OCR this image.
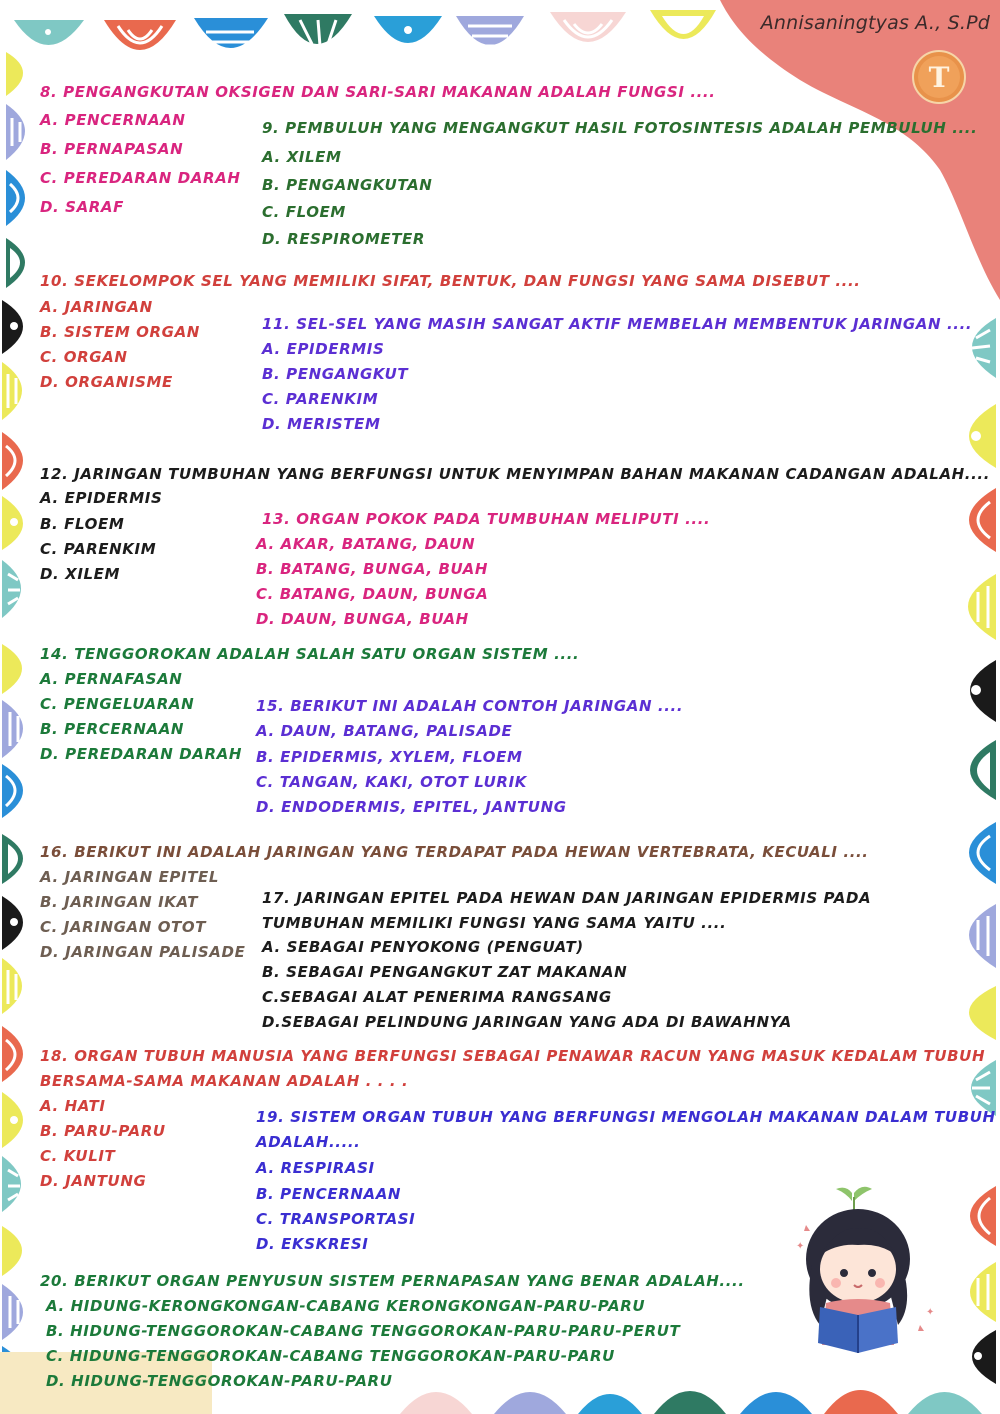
Annisaningtyas A., S.Pd
T
8. PENGANGKUTAN OKSIGEN DAN SARI-SARI MAKANAN ADALAH FUNGSI ....
A. PENCERNAAN
B. PERNAPASAN
C. PEREDARAN DARAH
D. SARAF
9. PEMBULUH YANG MENGANGKUT HASIL FOTOSINTESIS ADALAH PEMBULUH ....
A. XILEM
B. PENGANGKUTAN
C. FLOEM
D. RESPIROMETER
10. SEKELOMPOK SEL YANG MEMILIKI SIFAT, BENTUK, DAN FUNGSI YANG SAMA DISEBUT ....
A. JARINGAN
B. SISTEM ORGAN
C. ORGAN
D. ORGANISME
11. SEL-SEL YANG MASIH SANGAT AKTIF MEMBELAH MEMBENTUK JARINGAN ....
A. EPIDERMIS
B. PENGANGKUT
C. PARENKIM
D. MERISTEM
12. JARINGAN TUMBUHAN YANG BERFUNGSI UNTUK MENYIMPAN BAHAN MAKANAN CADANGAN ADALAH....
A. EPIDERMIS
B. FLOEM
C. PARENKIM
D. XILEM
13. ORGAN POKOK PADA TUMBUHAN MELIPUTI ....
A. AKAR, BATANG, DAUN
B. BATANG, BUNGA, BUAH
C. BATANG, DAUN, BUNGA
D. DAUN, BUNGA, BUAH
14. TENGGOROKAN ADALAH SALAH SATU ORGAN SISTEM ....
A. PERNAFASAN
C. PENGELUARAN
B. PERCERNAAN
D. PEREDARAN DARAH
15. BERIKUT INI ADALAH CONTOH JARINGAN ....
A. DAUN, BATANG, PALISADE
B. EPIDERMIS, XYLEM, FLOEM
C. TANGAN, KAKI, OTOT LURIK
D. ENDODERMIS, EPITEL, JANTUNG
16. BERIKUT INI ADALAH JARINGAN YANG TERDAPAT PADA HEWAN VERTEBRATA, KECUALI ....
A. JARINGAN EPITEL
B. JARINGAN IKAT
C. JARINGAN OTOT
D. JARINGAN PALISADE
17. JARINGAN EPITEL PADA HEWAN DAN JARINGAN EPIDERMIS PADA
TUMBUHAN MEMILIKI FUNGSI YANG SAMA YAITU ....
A. SEBAGAI PENYOKONG (PENGUAT)
B. SEBAGAI PENGANGKUT ZAT MAKANAN
C.SEBAGAI ALAT PENERIMA RANGSANG
D.SEBAGAI PELINDUNG JARINGAN YANG ADA DI BAWAHNYA
18. ORGAN TUBUH MANUSIA YANG BERFUNGSI SEBAGAI PENAWAR RACUN YANG MASUK KEDALAM TUBUH
BERSAMA-SAMA MAKANAN ADALAH . . . .
A. HATI
B. PARU-PARU
C. KULIT
D. JANTUNG
19. SISTEM ORGAN TUBUH YANG BERFUNGSI MENGOLAH MAKANAN DALAM TUBUH
ADALAH.....
A. RESPIRASI
B. PENCERNAAN
C. TRANSPORTASI
D. EKSKRESI
20. BERIKUT ORGAN PENYUSUN SISTEM PERNAPASAN YANG BENAR ADALAH....
A. HIDUNG-KERONGKONGAN-CABANG KERONGKONGAN-PARU-PARU
B. HIDUNG-TENGGOROKAN-CABANG TENGGOROKAN-PARU-PARU-PERUT
C. HIDUNG-TENGGOROKAN-CABANG TENGGOROKAN-PARU-PARU
D. HIDUNG-TENGGOROKAN-PARU-PARU
✦
✦
